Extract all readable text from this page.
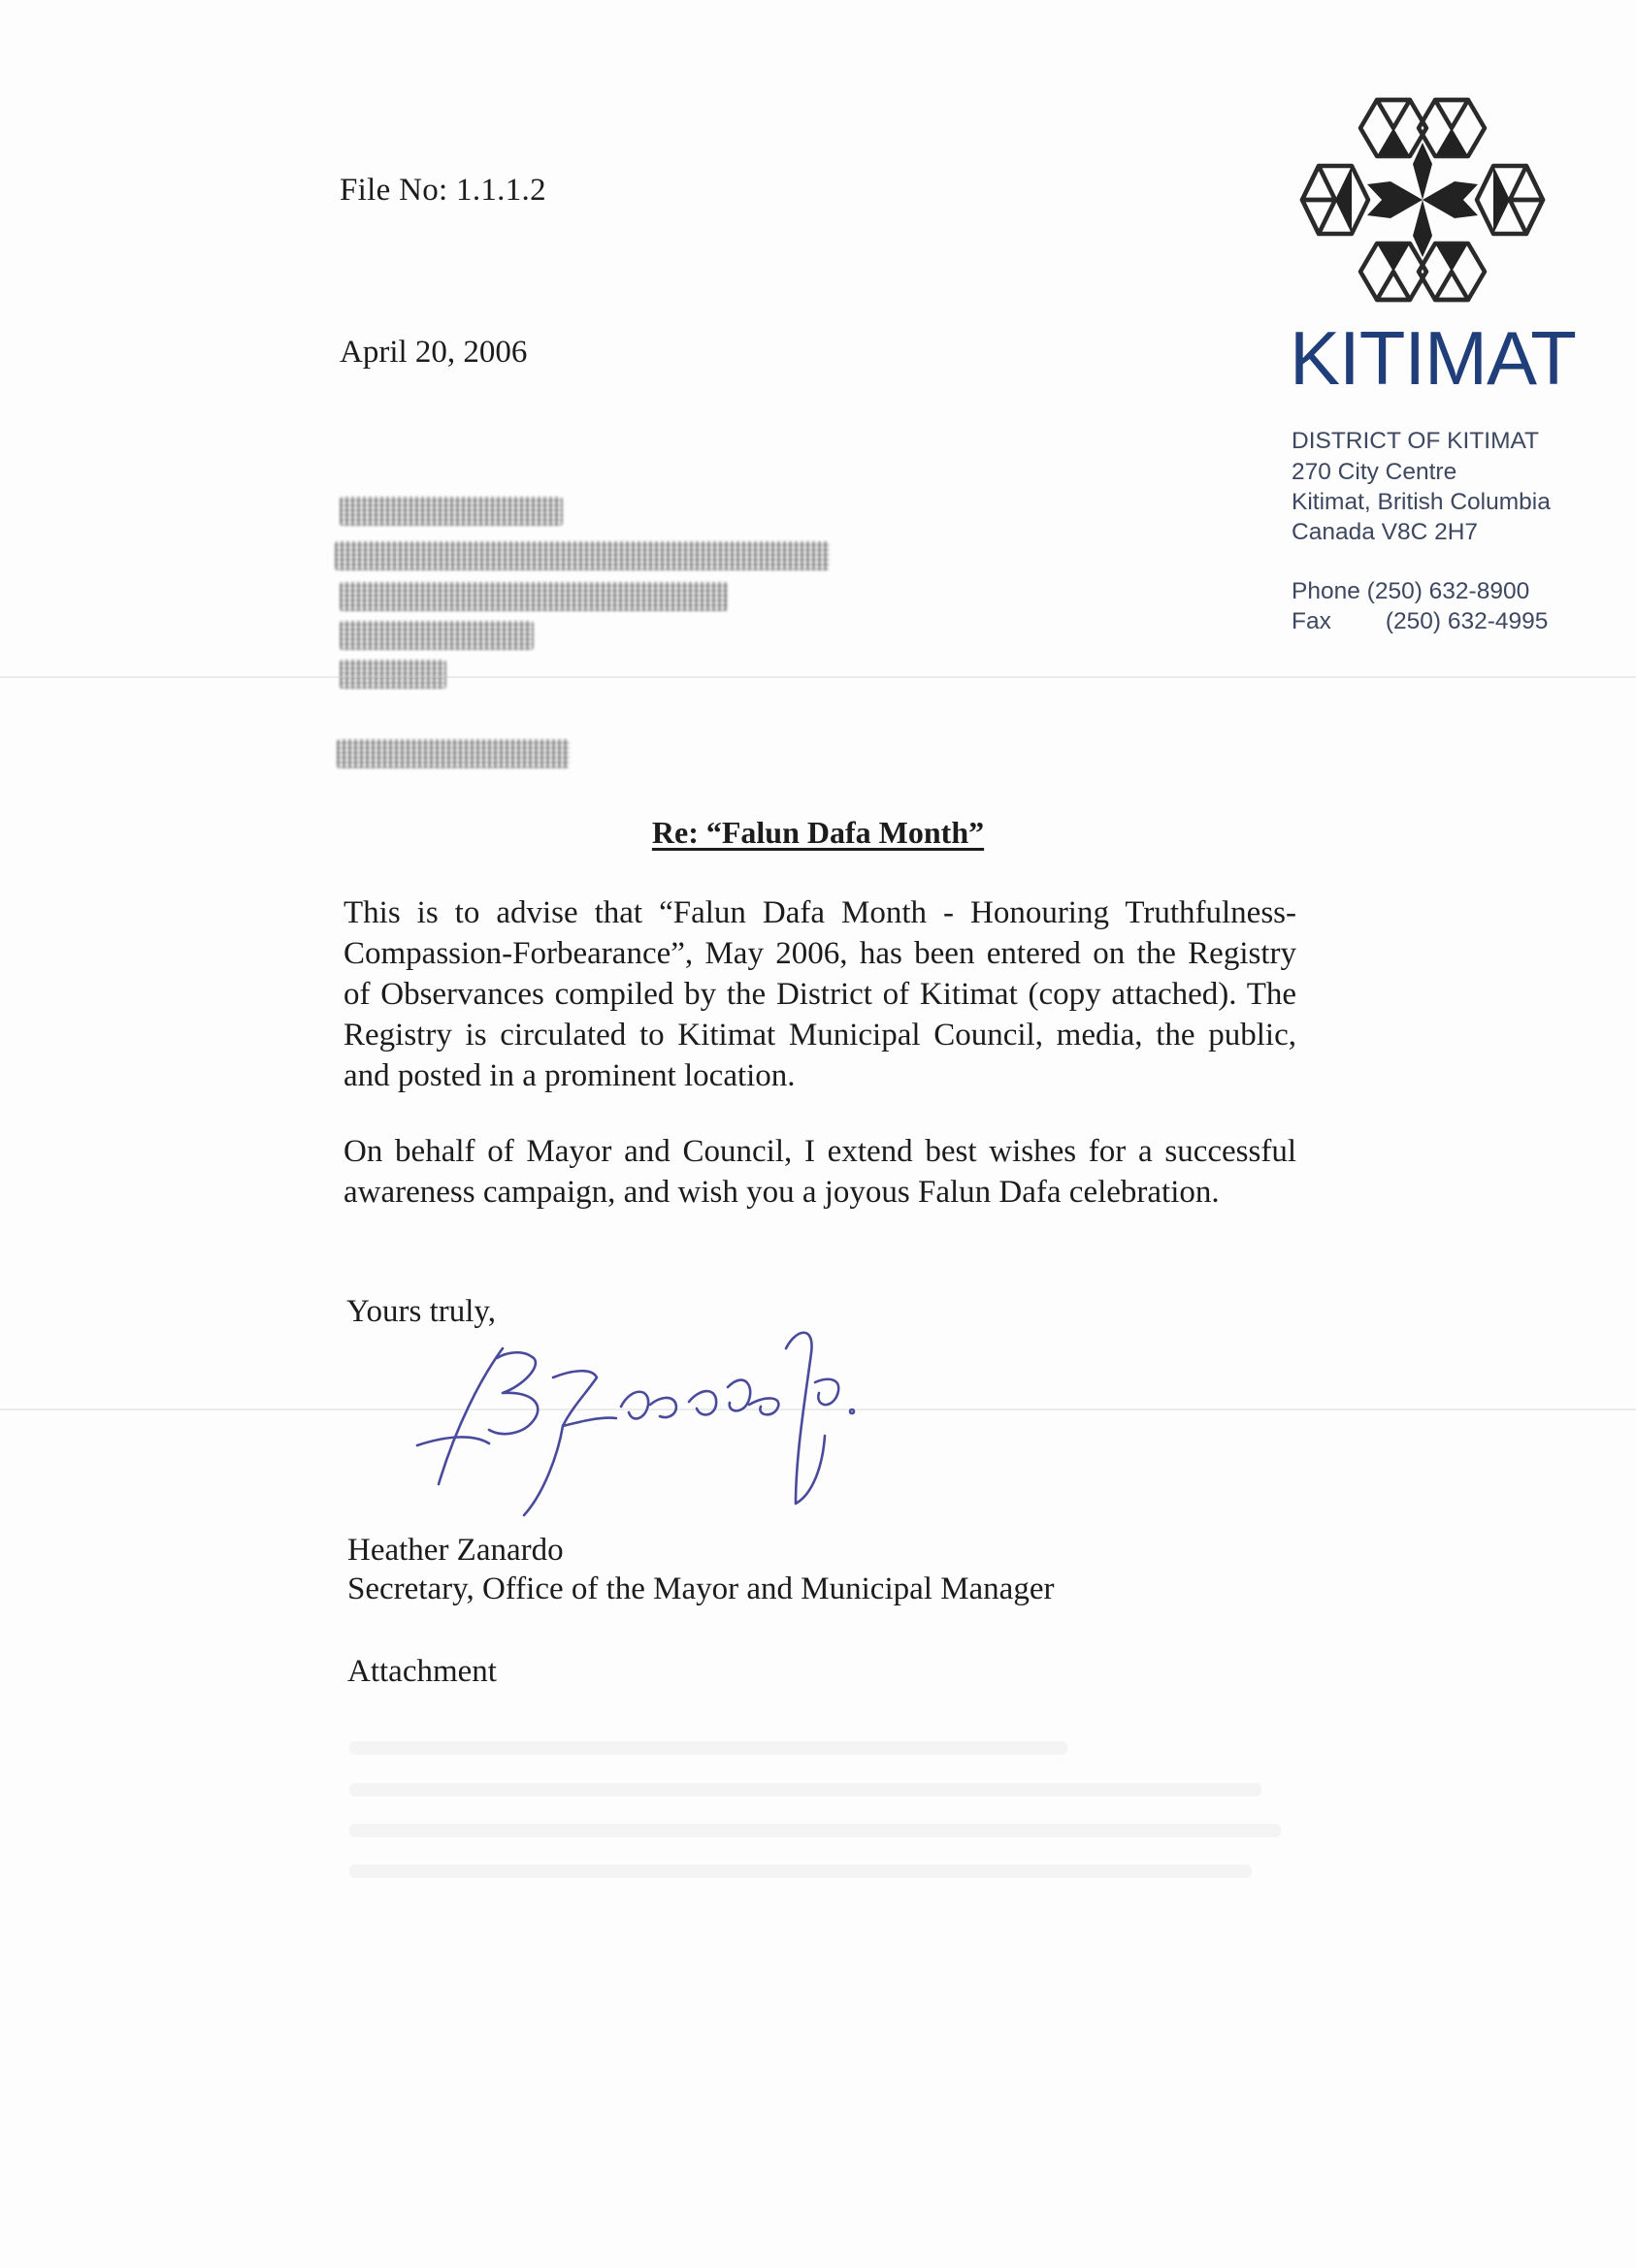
File No: 1.1.1.2
April 20, 2006	KITIMAT
DISTRICT OF KITIMAT
270 City Centre
Kitimat, British Columbia
Canada V8C 2H7
Phone (250) 632-8900
Fax (250) 632-4995
Re: “Falun Dafa Month”
This is to advise that “Falun Dafa Month - Honouring Truthfulness-Compassion-Forbearance”, May 2006, has been entered on the Registry of Observances compiled by the District of Kitimat (copy attached). The Registry is circulated to Kitimat Municipal Council, media, the public, and posted in a prominent location.
On behalf of Mayor and Council, I extend best wishes for a successful awareness campaign, and wish you a joyous Falun Dafa celebration.
Yours truly,
Heather Zanardo
Secretary, Office of the Mayor and Municipal Manager
Attachment
